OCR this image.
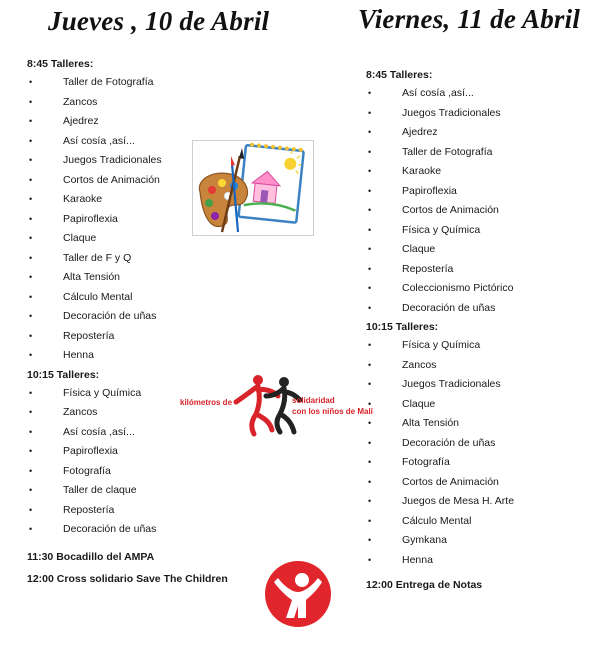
Jueves , 10 de Abril	Viernes, 11 de Abril
8:45 Talleres:
•	Taller de Fotografía
•	Zancos
•	Ajedrez
•	Así cosía ,así...
•	Juegos Tradicionales
•	Cortos de Animación
•	Karaoke
•	Papiroflexia
•	Claque
•	Taller de F y Q
•	Alta Tensión
•	Cálculo Mental
•	Decoración de uñas
•	Repostería
•	Henna
10:15 Talleres:
•	Física y Química
•	Zancos
•	Así cosía ,así...
•	Papiroflexia
•	Fotografía
•	Taller de claque
•	Repostería
•	Decoración de uñas
11:30 Bocadillo del AMPA
12:00 Cross solidario Save The Children
8:45 Talleres:
•	Así cosía ,así...
•	Juegos Tradicionales
•	Ajedrez
•	Taller de Fotografía
•	Karaoke
•	Papiroflexia
•	Cortos de Animación
•	Física y Química
•	Claque
•	Repostería
•	Coleccionismo Pictórico
•	Decoración de uñas
10:15 Talleres:
•	Física y Química
•	Zancos
•	Juegos Tradicionales
•	Claque
•	Alta Tensión
•	Decoración de uñas
•	Fotografía
•	Cortos de Animación
•	Juegos de Mesa H. Arte
•	Cálculo Mental
•	Gymkana
•	Henna
12:00 Entrega de Notas
kilómetros de	solidaridad
con los niños de Malí
